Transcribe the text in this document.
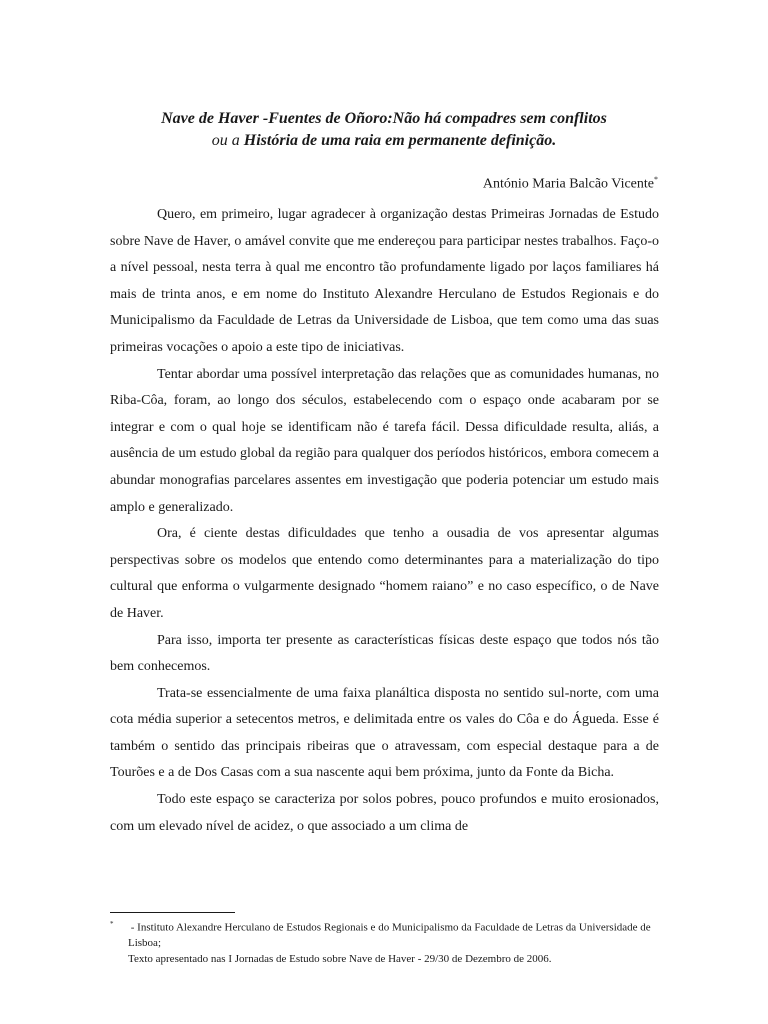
Nave de Haver -Fuentes de Oñoro:Não há compadres sem conflitos
ou a História de uma raia em permanente definição.
António Maria Balcão Vicente*

Quero, em primeiro, lugar agradecer à organização destas Primeiras Jornadas de Estudo sobre Nave de Haver, o amável convite que me endereçou para participar nestes trabalhos. Faço-o a nível pessoal, nesta terra à qual me encontro tão profundamente ligado por laços familiares há mais de trinta anos, e em nome do Instituto Alexandre Herculano de Estudos Regionais e do Municipalismo da Faculdade de Letras da Universidade de Lisboa, que tem como uma das suas primeiras vocações o apoio a este tipo de iniciativas.

Tentar abordar uma possível interpretação das relações que as comunidades humanas, no Riba-Côa, foram, ao longo dos séculos, estabelecendo com o espaço onde acabaram por se integrar e com o qual hoje se identificam não é tarefa fácil. Dessa dificuldade resulta, aliás, a ausência de um estudo global da região para qualquer dos períodos históricos, embora comecem a abundar monografias parcelares assentes em investigação que poderia potenciar um estudo mais amplo e generalizado.

Ora, é ciente destas dificuldades que tenho a ousadia de vos apresentar algumas perspectivas sobre os modelos que entendo como determinantes para a materialização do tipo cultural que enforma o vulgarmente designado “homem raiano” e no caso específico, o de Nave de Haver.

Para isso, importa ter presente as características físicas deste espaço que todos nós tão bem conhecemos.

Trata-se essencialmente de uma faixa planáltica disposta no sentido sul-norte, com uma cota média superior a setecentos metros, e delimitada entre os vales do Côa e do Águeda. Esse é também o sentido das principais ribeiras que o atravessam, com especial destaque para a de Tourões e a de Dos Casas com a sua nascente aqui bem próxima, junto da Fonte da Bicha.

Todo este espaço se caracteriza por solos pobres, pouco profundos e muito erosionados, com um elevado nível de acidez, o que associado a um clima de

* - Instituto Alexandre Herculano de Estudos Regionais e do Municipalismo da Faculdade de Letras da Universidade de Lisboa;
Texto apresentado nas I Jornadas de Estudo sobre Nave de Haver - 29/30 de Dezembro de 2006.
